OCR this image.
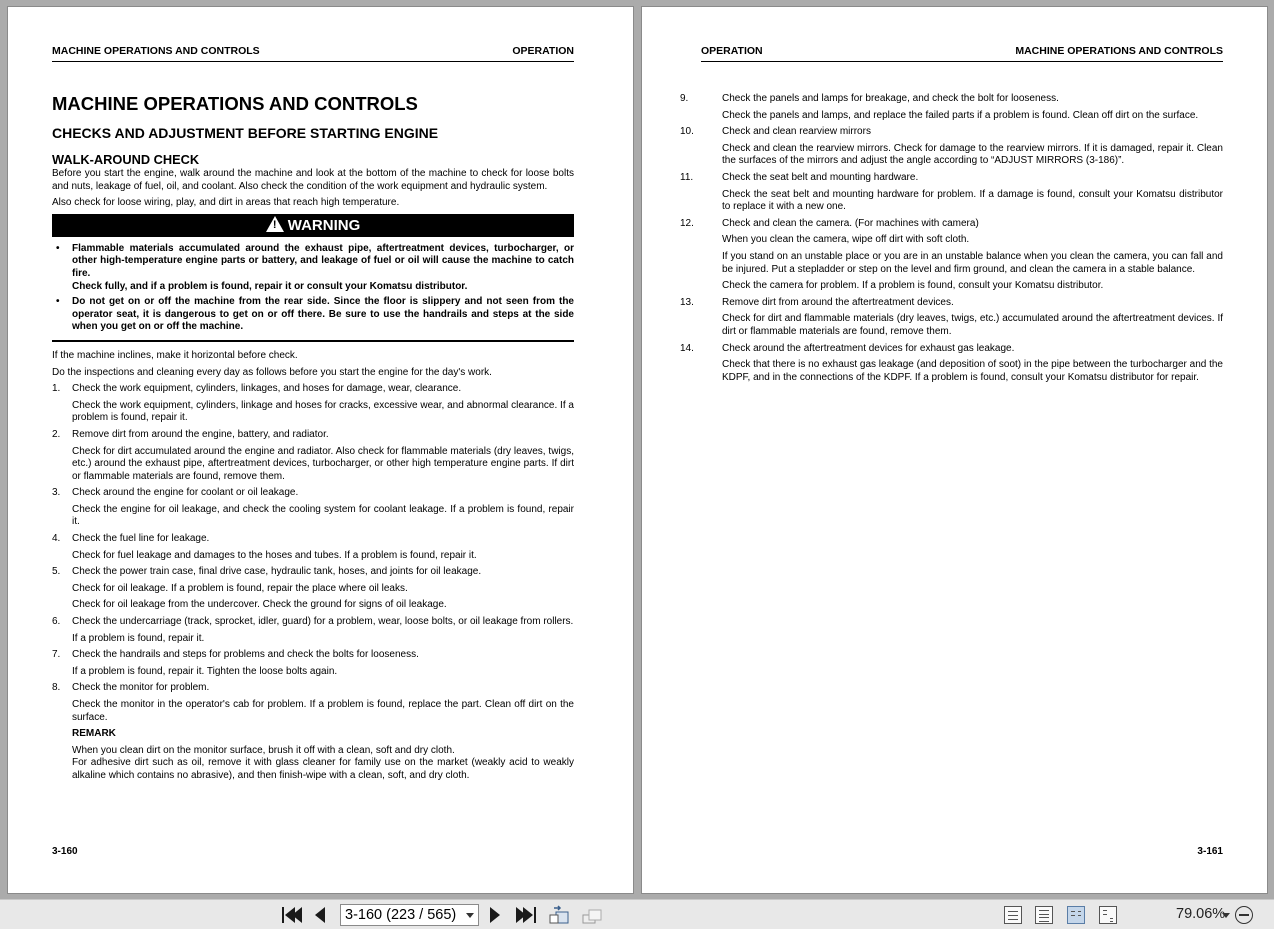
MACHINE OPERATIONS AND CONTROLS	OPERATION
MACHINE OPERATIONS AND CONTROLS
CHECKS AND ADJUSTMENT BEFORE STARTING ENGINE
WALK-AROUND CHECK

Before you start the engine, walk around the machine and look at the bottom of the machine to check for loose bolts and nuts, leakage of fuel, oil, and coolant. Also check the condition of the work equipment and hydraulic system.

Also check for loose wiring, play, and dirt in areas that reach high temperature.

! WARNING
• Flammable materials accumulated around the exhaust pipe, aftertreatment devices, turbocharger, or other high-temperature engine parts or battery, and leakage of fuel or oil will cause the machine to catch fire.
Check fully, and if a problem is found, repair it or consult your Komatsu distributor.
• Do not get on or off the machine from the rear side. Since the floor is slippery and not seen from the operator seat, it is dangerous to get on or off there. Be sure to use the handrails and steps at the side when you get on or off the machine.

If the machine inclines, make it horizontal before check.

Do the inspections and cleaning every day as follows before you start the engine for the day's work.

1. Check the work equipment, cylinders, linkages, and hoses for damage, wear, clearance.
Check the work equipment, cylinders, linkage and hoses for cracks, excessive wear, and abnormal clearance. If a problem is found, repair it.
2. Remove dirt from around the engine, battery, and radiator.
Check for dirt accumulated around the engine and radiator. Also check for flammable materials (dry leaves, twigs, etc.) around the exhaust pipe, aftertreatment devices, turbocharger, or other high temperature engine parts. If dirt or flammable materials are found, remove them.
3. Check around the engine for coolant or oil leakage.
Check the engine for oil leakage, and check the cooling system for coolant leakage. If a problem is found, repair it.
4. Check the fuel line for leakage.
Check for fuel leakage and damages to the hoses and tubes. If a problem is found, repair it.
5. Check the power train case, final drive case, hydraulic tank, hoses, and joints for oil leakage.
Check for oil leakage. If a problem is found, repair the place where oil leaks.
Check for oil leakage from the undercover. Check the ground for signs of oil leakage.
6. Check the undercarriage (track, sprocket, idler, guard) for a problem, wear, loose bolts, or oil leakage from rollers.
If a problem is found, repair it.
7. Check the handrails and steps for problems and check the bolts for looseness.
If a problem is found, repair it. Tighten the loose bolts again.
8. Check the monitor for problem.
Check the monitor in the operator's cab for problem. If a problem is found, replace the part. Clean off dirt on the surface.
REMARK
When you clean dirt on the monitor surface, brush it off with a clean, soft and dry cloth.
For adhesive dirt such as oil, remove it with glass cleaner for family use on the market (weakly acid to weakly alkaline which contains no abrasive), and then finish-wipe with a clean, soft, and dry cloth.
3-160
OPERATION	MACHINE OPERATIONS AND CONTROLS
9.	Check the panels and lamps for breakage, and check the bolt for looseness.
Check the panels and lamps, and replace the failed parts if a problem is found. Clean off dirt on the surface.
10.	Check and clean rearview mirrors
Check and clean the rearview mirrors. Check for damage to the rearview mirrors. If it is damaged, repair it. Clean the surfaces of the mirrors and adjust the angle according to “ADJUST MIRRORS (3-186)”.
11.	Check the seat belt and mounting hardware.
Check the seat belt and mounting hardware for problem. If a damage is found, consult your Komatsu distributor to replace it with a new one.
12.	Check and clean the camera. (For machines with camera)
When you clean the camera, wipe off dirt with soft cloth.
If you stand on an unstable place or you are in an unstable balance when you clean the camera, you can fall and be injured. Put a stepladder or step on the level and firm ground, and clean the camera in a stable balance.
Check the camera for problem. If a problem is found, consult your Komatsu distributor.
13.	Remove dirt from around the aftertreatment devices.
Check for dirt and flammable materials (dry leaves, twigs, etc.) accumulated around the aftertreatment devices. If dirt or flammable materials are found, remove them.
14.	Check around the aftertreatment devices for exhaust gas leakage.
Check that there is no exhaust gas leakage (and deposition of soot) in the pipe between the turbocharger and the KDPF, and in the connections of the KDPF. If a problem is found, consult your Komatsu distributor for repair.
3-161
3-160 (223 / 565)	79.06%
